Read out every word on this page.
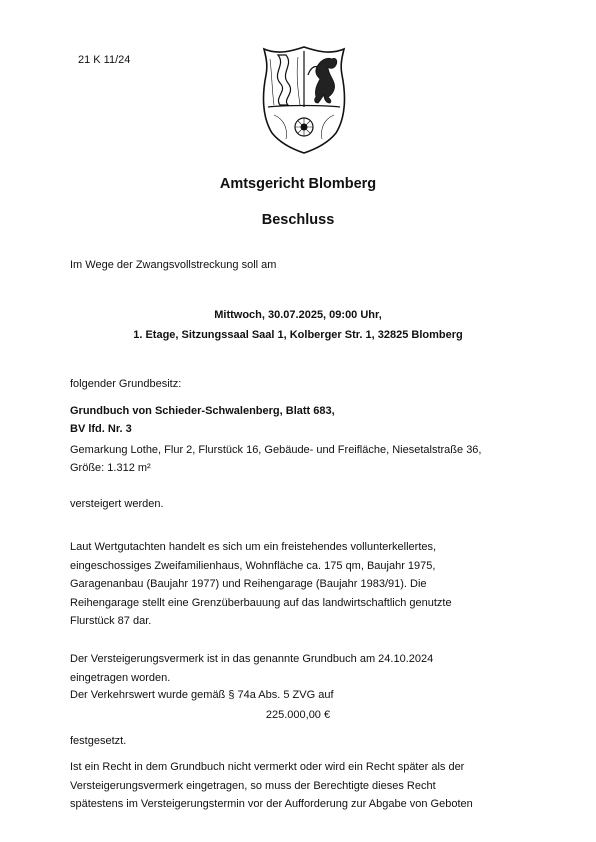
21 K 11/24
Amtsgericht Blomberg
Beschluss
Im Wege der Zwangsvollstreckung soll am
Mittwoch, 30.07.2025, 09:00 Uhr,
1. Etage, Sitzungssaal Saal 1, Kolberger Str. 1, 32825 Blomberg
folgender Grundbesitz:
Grundbuch von Schieder-Schwalenberg, Blatt 683,
BV lfd. Nr. 3
Gemarkung Lothe, Flur 2, Flurstück 16, Gebäude- und Freifläche, Niesetalstraße 36,
Größe: 1.312 m²
versteigert werden.
Laut Wertgutachten handelt es sich um ein freistehendes vollunterkellertes,
eingeschossiges Zweifamilienhaus, Wohnfläche ca. 175 qm, Baujahr 1975,
Garagenanbau (Baujahr 1977) und Reihengarage (Baujahr 1983/91). Die
Reihengarage stellt eine Grenzüberbauung auf das landwirtschaftlich genutzte
Flurstück 87 dar.
Der Versteigerungsvermerk ist in das genannte Grundbuch am 24.10.2024
eingetragen worden.
Der Verkehrswert wurde gemäß § 74a Abs. 5 ZVG auf
225.000,00 €
festgesetzt.
Ist ein Recht in dem Grundbuch nicht vermerkt oder wird ein Recht später als der
Versteigerungsvermerk eingetragen, so muss der Berechtigte dieses Recht
spätestens im Versteigerungstermin vor der Aufforderung zur Abgabe von Geboten
